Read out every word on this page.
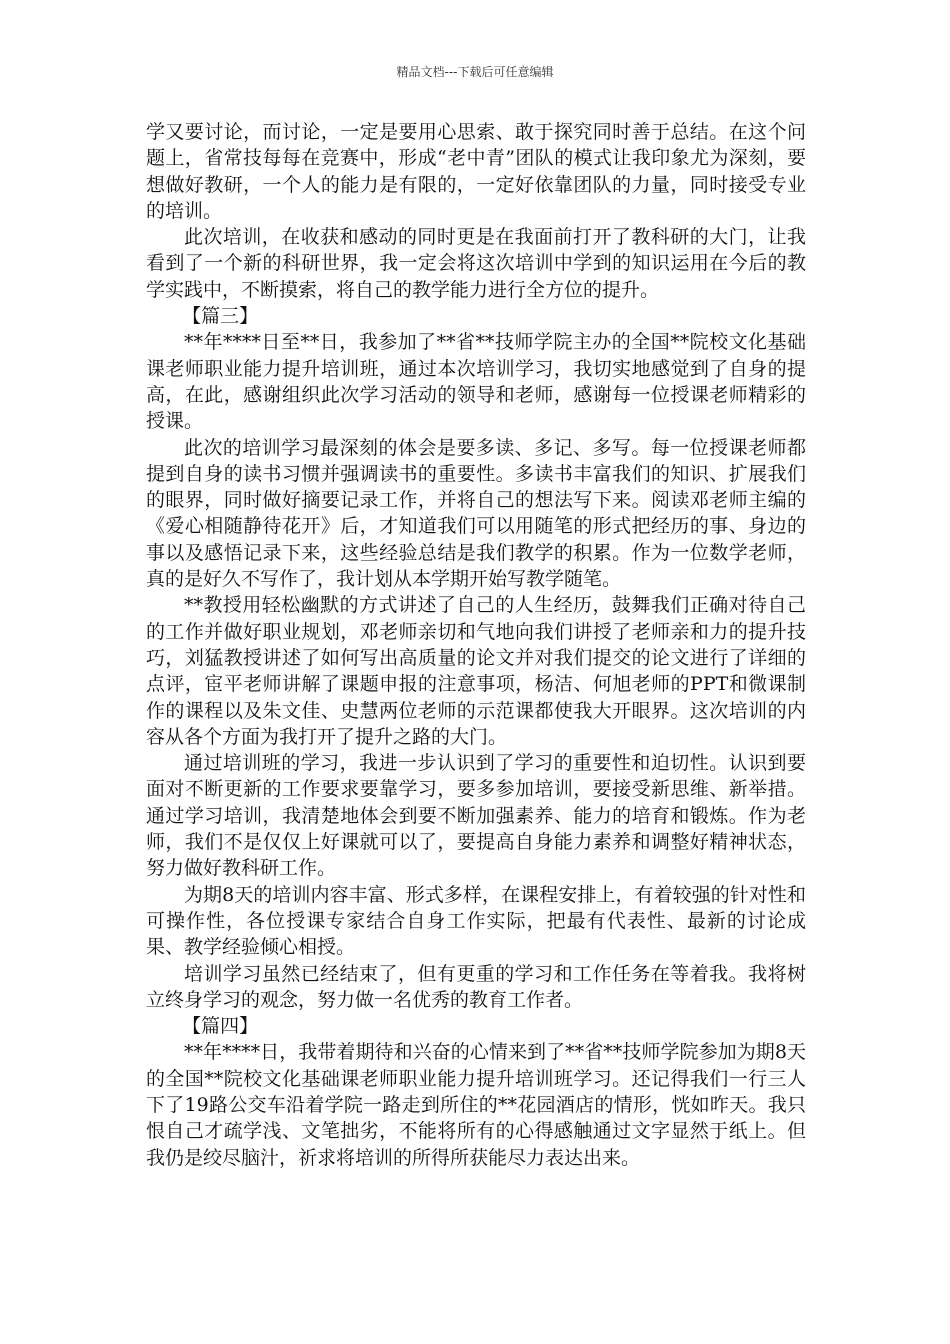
精品文档---下载后可任意编辑

学又要讨论，而讨论，一定是要用心思索、敢于探究同时善于总结。在这个问题上，省常技每每在竞赛中，形成“老中青”团队的模式让我印象尤为深刻，要想做好教研，一个人的能力是有限的，一定好依靠团队的力量，同时接受专业的培训。

此次培训，在收获和感动的同时更是在我面前打开了教科研的大门，让我看到了一个新的科研世界，我一定会将这次培训中学到的知识运用在今后的教学实践中，不断摸索，将自己的教学能力进行全方位的提升。

【篇三】

**年****日至**日，我参加了**省**技师学院主办的全国**院校文化基础课老师职业能力提升培训班，通过本次培训学习，我切实地感觉到了自身的提高，在此，感谢组织此次学习活动的领导和老师，感谢每一位授课老师精彩的授课。

此次的培训学习最深刻的体会是要多读、多记、多写。每一位授课老师都提到自身的读书习惯并强调读书的重要性。多读书丰富我们的知识、扩展我们的眼界，同时做好摘要记录工作，并将自己的想法写下来。阅读邓老师主编的《爱心相随静待花开》后，才知道我们可以用随笔的形式把经历的事、身边的事以及感悟记录下来，这些经验总结是我们教学的积累。作为一位数学老师，真的是好久不写作了，我计划从本学期开始写教学随笔。

**教授用轻松幽默的方式讲述了自己的人生经历，鼓舞我们正确对待自己的工作并做好职业规划，邓老师亲切和气地向我们讲授了老师亲和力的提升技巧，刘猛教授讲述了如何写出高质量的论文并对我们提交的论文进行了详细的点评，宦平老师讲解了课题申报的注意事项，杨洁、何旭老师的PPT和微课制作的课程以及朱文佳、史慧两位老师的示范课都使我大开眼界。这次培训的内容从各个方面为我打开了提升之路的大门。

通过培训班的学习，我进一步认识到了学习的重要性和迫切性。认识到要面对不断更新的工作要求要靠学习，要多参加培训，要接受新思维、新举措。通过学习培训，我清楚地体会到要不断加强素养、能力的培育和锻炼。作为老师，我们不是仅仅上好课就可以了，要提高自身能力素养和调整好精神状态，努力做好教科研工作。

为期8天的培训内容丰富、形式多样，在课程安排上，有着较强的针对性和可操作性，各位授课专家结合自身工作实际，把最有代表性、最新的讨论成果、教学经验倾心相授。

培训学习虽然已经结束了，但有更重的学习和工作任务在等着我。我将树立终身学习的观念，努力做一名优秀的教育工作者。

【篇四】

**年****日，我带着期待和兴奋的心情来到了**省**技师学院参加为期8天的全国**院校文化基础课老师职业能力提升培训班学习。还记得我们一行三人下了19路公交车沿着学院一路走到所住的**花园酒店的情形，恍如昨天。我只恨自己才疏学浅、文笔拙劣，不能将所有的心得感触通过文字显然于纸上。但我仍是绞尽脑汁，祈求将培训的所得所获能尽力表达出来。
